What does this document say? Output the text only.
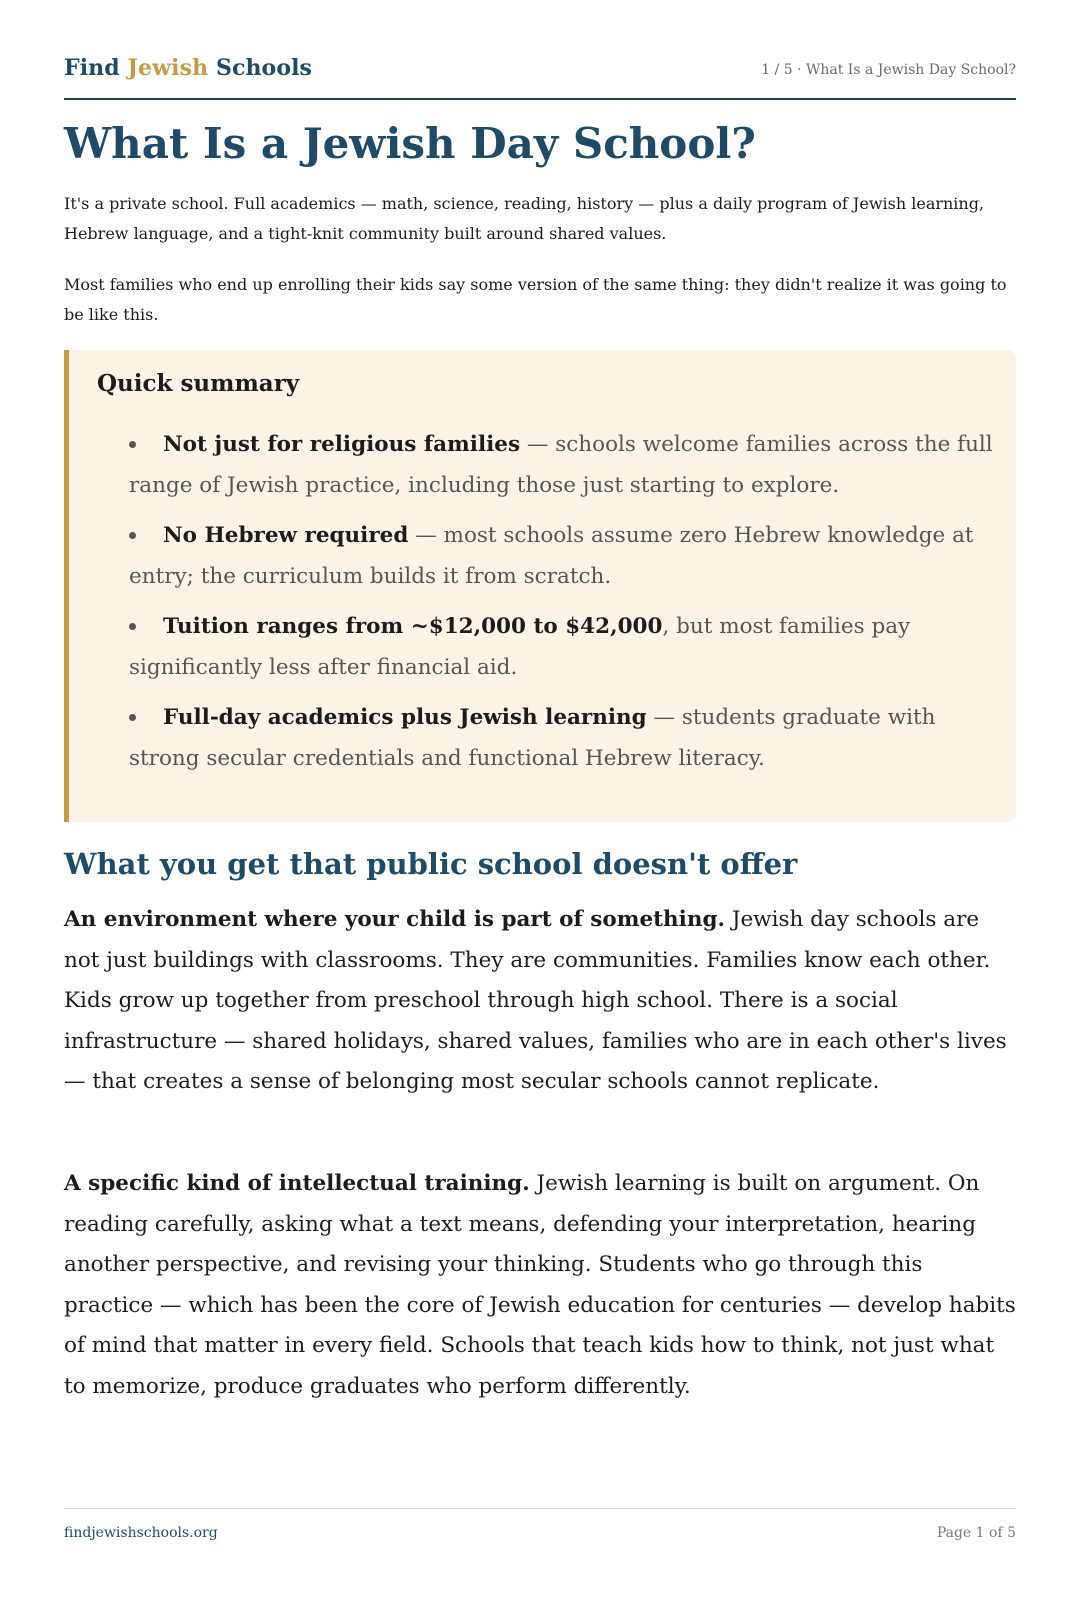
Find Jewish Schools	1 / 5 · What Is a Jewish Day School?
What Is a Jewish Day School?

It's a private school. Full academics — math, science, reading, history — plus a daily program of Jewish learning, Hebrew language, and a tight-knit community built around shared values.

Most families who end up enrolling their kids say some version of the same thing: they didn't realize it was going to be like this.

Quick summary
Not just for religious families — schools welcome families across the full range of Jewish practice, including those just starting to explore.
No Hebrew required — most schools assume zero Hebrew knowledge at entry; the curriculum builds it from scratch.
Tuition ranges from ~$12,000 to $42,000, but most families pay significantly less after financial aid.
Full-day academics plus Jewish learning — students graduate with strong secular credentials and functional Hebrew literacy.
What you get that public school doesn't offer

An environment where your child is part of something. Jewish day schools are not just buildings with classrooms. They are communities. Families know each other. Kids grow up together from preschool through high school. There is a social infrastructure — shared holidays, shared values, families who are in each other's lives — that creates a sense of belonging most secular schools cannot replicate.

A specific kind of intellectual training. Jewish learning is built on argument. On reading carefully, asking what a text means, defending your interpretation, hearing another perspective, and revising your thinking. Students who go through this practice — which has been the core of Jewish education for centuries — develop habits of mind that matter in every field. Schools that teach kids how to think, not just what to memorize, produce graduates who perform differently.

findjewishschools.org	Page 1 of 5
